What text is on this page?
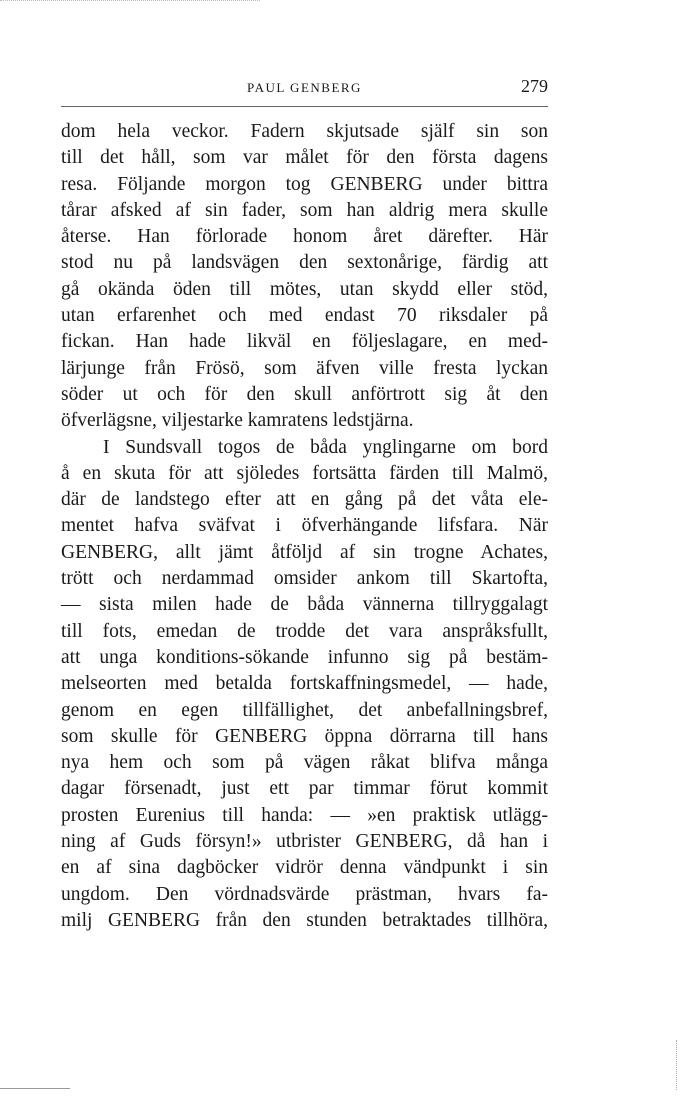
PAUL GENBERG	279
dom hela veckor. Fadern skjutsade själf sin son
till det håll, som var målet för den första dagens
resa. Följande morgon tog GENBERG under bittra
tårar afsked af sin fader, som han aldrig mera skulle
återse. Han förlorade honom året därefter. Här
stod nu på landsvägen den sextonårige, färdig att
gå okända öden till mötes, utan skydd eller stöd,
utan erfarenhet och med endast 70 riksdaler på
fickan. Han hade likväl en följeslagare, en med-
lärjunge från Frösö, som äfven ville fresta lyckan
söder ut och för den skull anförtrott sig åt den
öfverlägsne, viljestarke kamratens ledstjärna.
I Sundsvall togos de båda ynglingarne om bord
å en skuta för att sjöledes fortsätta färden till Malmö,
där de landstego efter att en gång på det våta ele-
mentet hafva sväfvat i öfverhängande lifsfara. När
GENBERG, allt jämt åtföljd af sin trogne Achates,
trött och nerdammad omsider ankom till Skartofta,
— sista milen hade de båda vännerna tillryggalagt
till fots, emedan de trodde det vara anspråksfullt,
att unga konditions-sökande infunno sig på bestäm-
melseorten med betalda fortskaffningsmedel, — hade,
genom en egen tillfällighet, det anbefallningsbref,
som skulle för GENBERG öppna dörrarna till hans
nya hem och som på vägen råkat blifva många
dagar försenadt, just ett par timmar förut kommit
prosten Eurenius till handa: — »en praktisk utlägg-
ning af Guds försyn!» utbrister GENBERG, då han i
en af sina dagböcker vidrör denna vändpunkt i sin
ungdom. Den vördnadsvärde prästman, hvars fa-
milj GENBERG från den stunden betraktades tillhöra,
